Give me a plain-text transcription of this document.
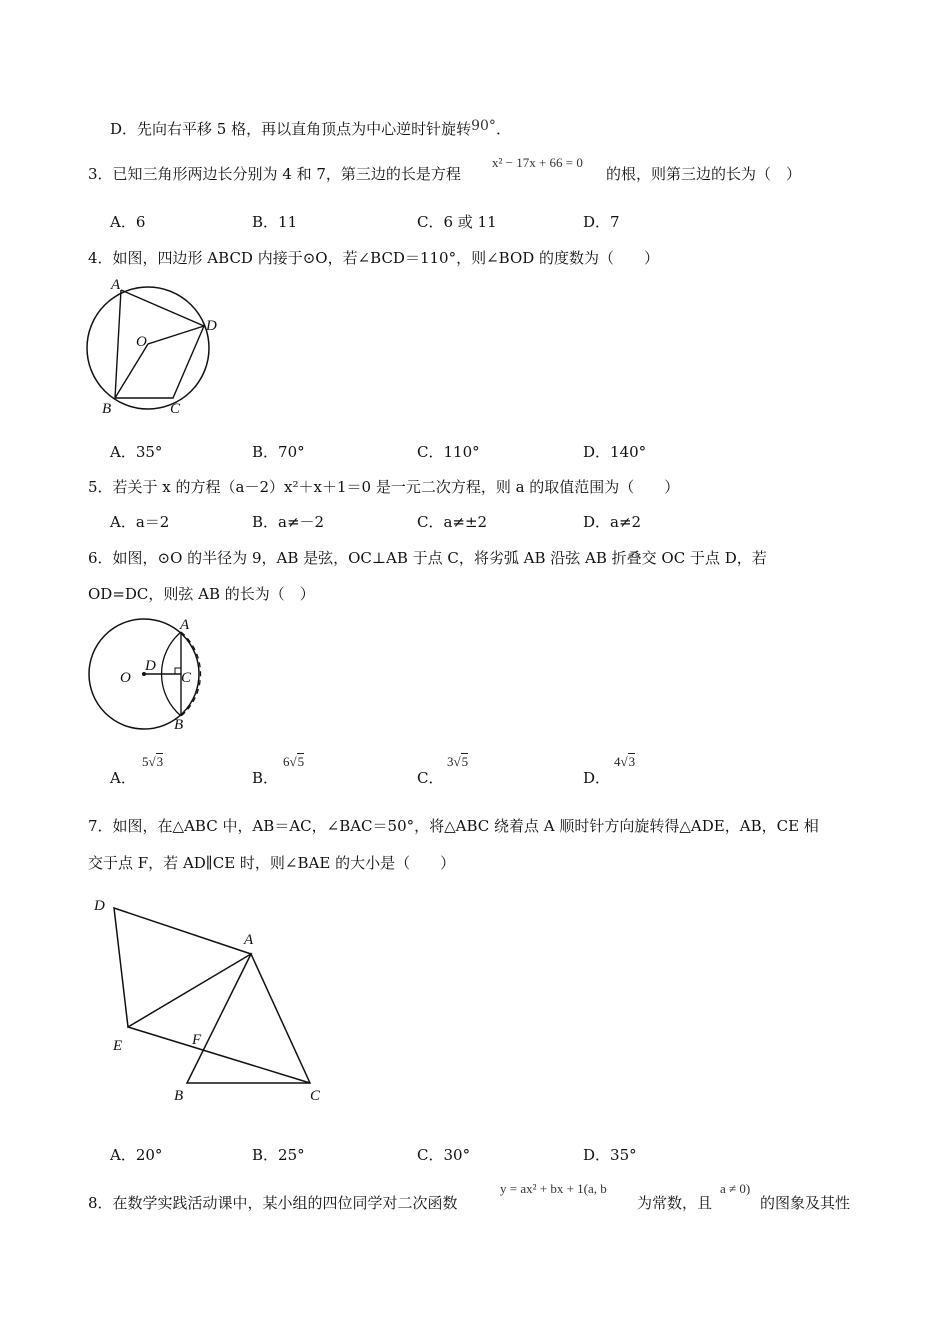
D．先向右平移 5 格，再以直角顶点为中心逆时针旋转90°．
3．已知三角形两边长分别为 4 和 7，第三边的长是方程
x² − 17x + 66 = 0
的根，则第三边的长为（　）
A．6	B．11	C．6 或 11	D．7
4．如图，四边形 ABCD 内接于⊙O，若∠BCD＝110°，则∠BOD 的度数为（　　）
A
O
D
B	C
A．35°	B．70°	C．110°	D．140°
5．若关于 x 的方程（a－2）x²＋x＋1＝0 是一元二次方程，则 a 的取值范围为（　　）
A．a＝2	B．a≠－2	C．a≠±2	D．a≠2
6．如图，⊙O 的半径为 9，AB 是弦，OC⊥AB 于点 C，将劣弧 AB 沿弦 AB 折叠交 OC 于点 D，若
OD=DC，则弦 AB 的长为（　）
A
O
D
C
B
A．
5√3
B．
6√5
C．
3√5
D．
4√3
7．如图，在△ABC 中，AB＝AC，∠BAC＝50°，将△ABC 绕着点 A 顺时针方向旋转得△ADE，AB，CE 相
交于点 F，若 AD∥CE 时，则∠BAE 的大小是（　　）
D
A
E	F
B	C
A．20°	B．25°	C．30°	D．35°
8．在数学实践活动课中，某小组的四位同学对二次函数
y = ax² + bx + 1(a, b
为常数，且
a ≠ 0)
的图象及其性
